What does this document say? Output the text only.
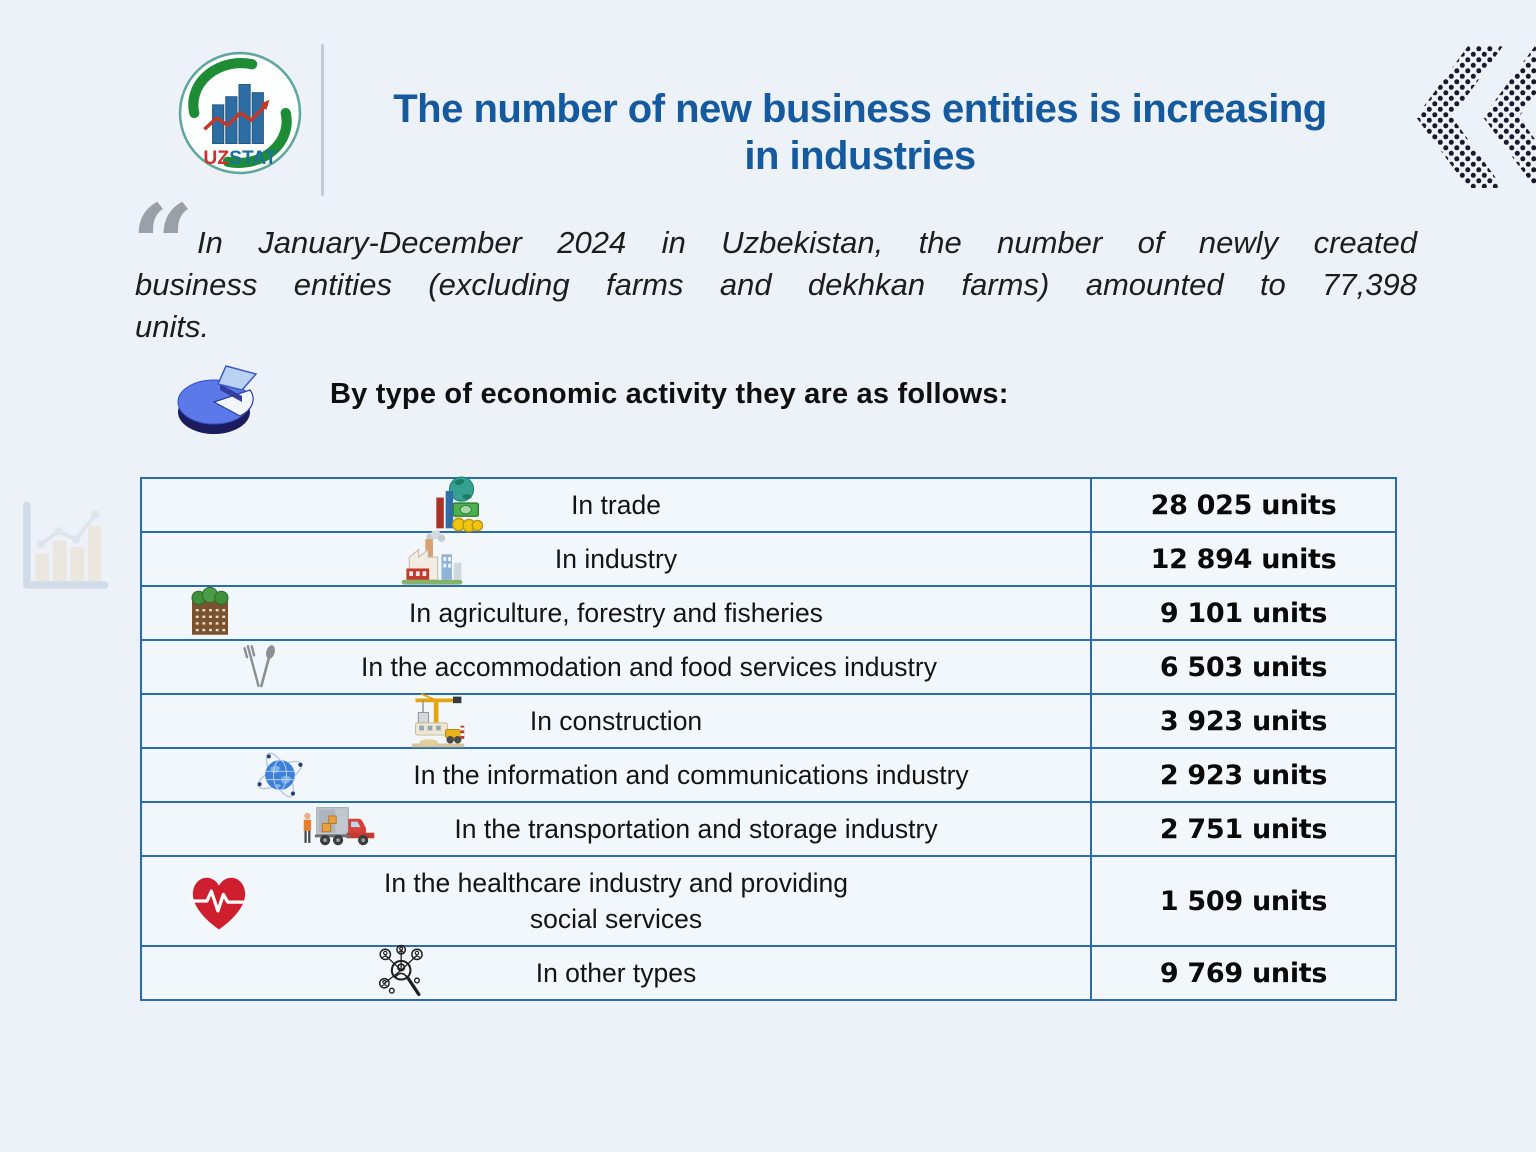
UZSTAT
The number of new business entities is increasing
in industries
“ In January-December 2024 in Uzbekistan, the number of newly created
business entities (excluding farms and dekhkan farms) amounted to 77,398
units.
By type of economic activity they are as follows:
In trade	28 025 units

In industry	12 894 units

In agriculture, forestry and fisheries	9 101 units

In the accommodation and food services industry	6 503 units

In construction	3 923 units

In the information and communications industry	2 923 units

In the transportation and storage industry	2 751 units

In the healthcare industry and providing
social services	1 509 units

In other types	9 769 units
